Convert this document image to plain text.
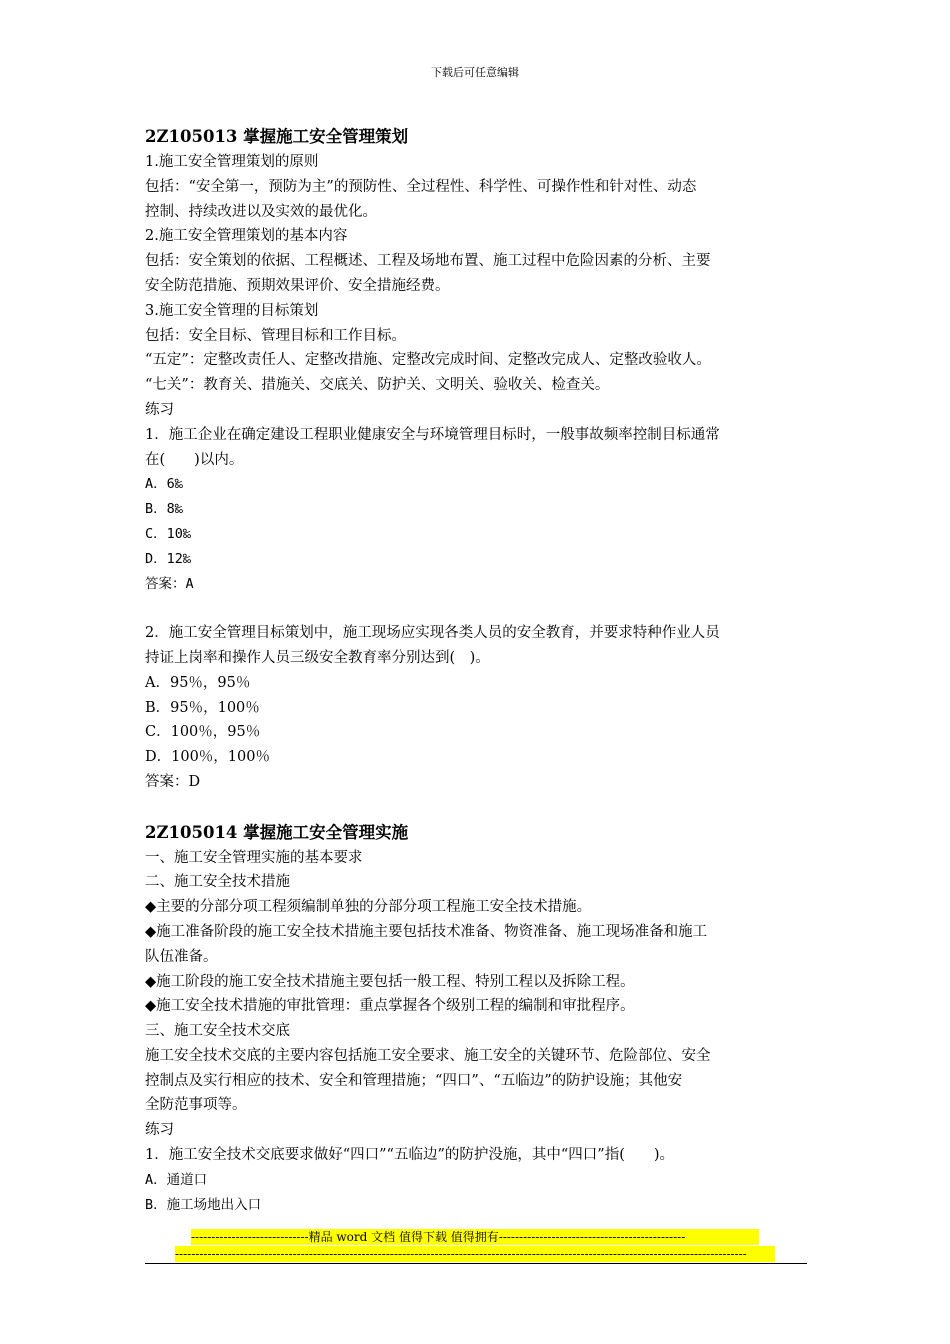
下载后可任意编辑
2Z105013 掌握施工安全管理策划
1.施工安全管理策划的原则
包括：“安全第一，预防为主”的预防性、全过程性、科学性、可操作性和针对性、动态
控制、持续改进以及实效的最优化。
2.施工安全管理策划的基本内容
包括：安全策划的依据、工程概述、工程及场地布置、施工过程中危险因素的分析、主要
安全防范措施、预期效果评价、安全措施经费。
3.施工安全管理的目标策划
包括：安全目标、管理目标和工作目标。
“五定”：定整改责任人、定整改措施、定整改完成时间、定整改完成人、定整改验收人。
“七关”：教育关、措施关、交底关、防护关、文明关、验收关、检查关。
练习
1．施工企业在确定建设工程职业健康安全与环境管理目标时，一般事故频率控制目标通常
在(　　)以内。
A．6‰
B．8‰
C．10‰
D．12‰
答案：A
2．施工安全管理目标策划中，施工现场应实现各类人员的安全教育，并要求特种作业人员
持证上岗率和操作人员三级安全教育率分别达到(　)。
A．95％，95％
B．95％，100％
C．100％，95％
D．100％，100％
答案：D
2Z105014 掌握施工安全管理实施
一、施工安全管理实施的基本要求
二、施工安全技术措施
◆主要的分部分项工程须编制单独的分部分项工程施工安全技术措施。
◆施工准备阶段的施工安全技术措施主要包括技术准备、物资准备、施工现场准备和施工
队伍准备。
◆施工阶段的施工安全技术措施主要包括一般工程、特别工程以及拆除工程。
◆施工安全技术措施的审批管理：重点掌握各个级别工程的编制和审批程序。
三、施工安全技术交底
施工安全技术交底的主要内容包括施工安全要求、施工安全的关键环节、危险部位、安全
控制点及实行相应的技术、安全和管理措施；“四口”、“五临边”的防护设施；其他安
全防范事项等。
练习
1．施工安全技术交底要求做好“四口”“五临边”的防护没施，其中“四口”指(　　)。
A．通道口
B．施工场地出入口
-----------------------------精品 word 文档 值得下载 值得拥有----------------------------------------------
---------------------------------------------------------------------------------------------------------------------------------------------
